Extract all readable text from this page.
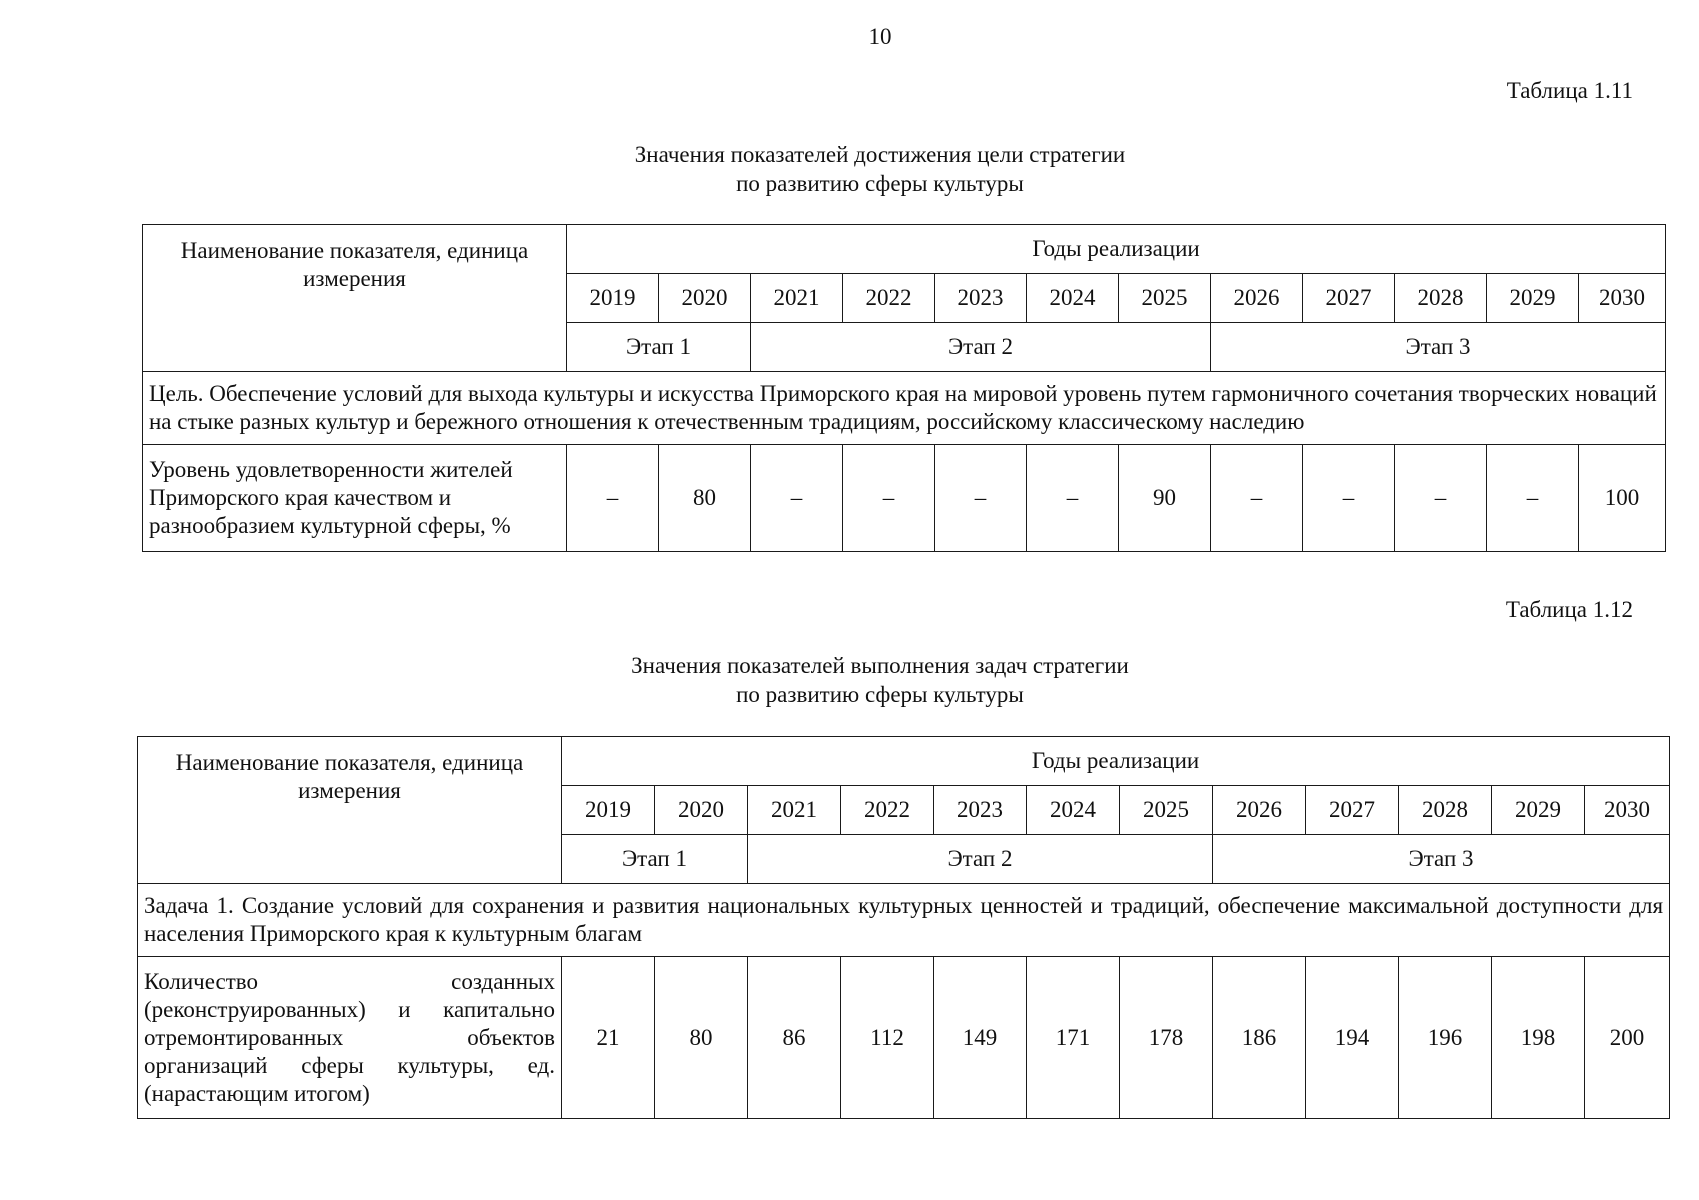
10
Таблица 1.11
Значения показателей достижения цели стратегии
по развитию сферы культуры
Наименование показателя, единица измерения	Годы реализации											
	2019	2020	2021	2022	2023	2024	2025	2026	2027	2028	2029	2030
	Этап 1		Этап 2					Этап 3				
Цель. Обеспечение условий для выхода культуры и искусства Приморского края на мировой уровень путем гармоничного сочетания творческих новаций на стыке разных культур и бережного отношения к отечественным традициям, российскому классическому наследию												
Уровень удовлетворенности жителей Приморского края качеством и разнообразием культурной сферы, %	–	80	–	–	–	–	90	–	–	–	–	100
Таблица 1.12
Значения показателей выполнения задач стратегии
по развитию сферы культуры
Наименование показателя, единица измерения	Годы реализации											
	2019	2020	2021	2022	2023	2024	2025	2026	2027	2028	2029	2030
	Этап 1		Этап 2					Этап 3				
Задача 1. Создание условий для сохранения и развития национальных культурных ценностей и традиций, обеспечение максимальной доступности для населения Приморского края к культурным благам												
Количество созданных (реконструированных) и капитально отремонтированных объектов организаций сферы культуры, ед. (нарастающим итогом)	21	80	86	112	149	171	178	186	194	196	198	200
